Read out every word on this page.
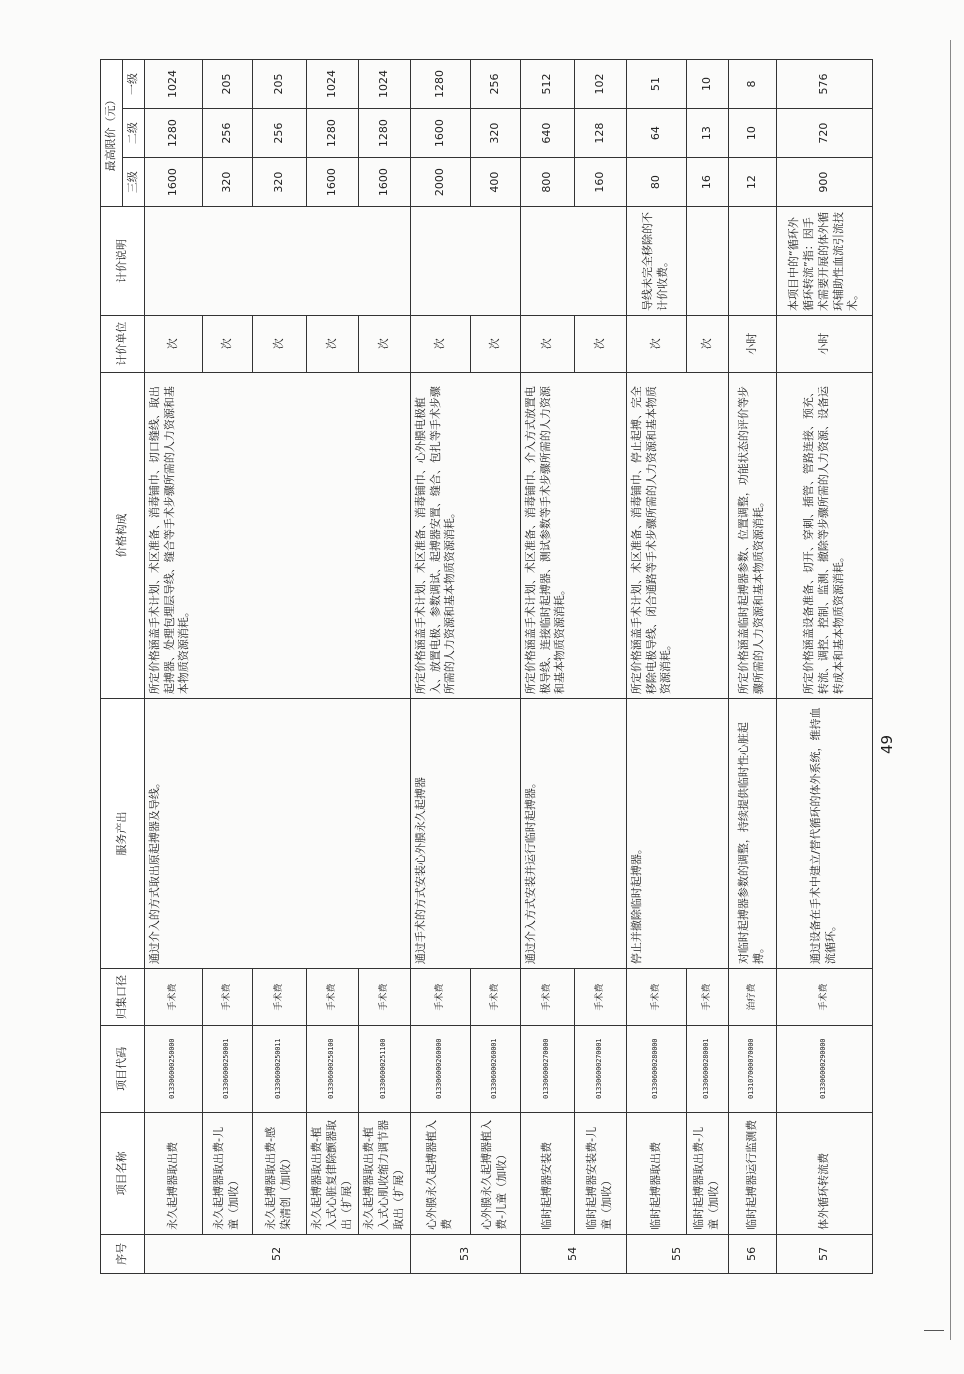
序号	项目名称	项目代码	归集口径	服务产出	价格构成	计价单位	计价说明	最高限价（元）		
								三级	二级	一级
52	永久起搏器取出费	013306000250000	手术费	通过介入的方式取出原起搏器及导线。	所定价格涵盖手术计划、术区准备、消毒铺巾、切口缝线、取出起搏器、处理包埋层导线、缝合等手术步骤所需的人力资源和基本物质资源消耗。	次		1600	1280	1024
	永久起搏器取出费-儿童（加收）	013306000250001	手术费			次		320	256	205
	永久起搏器取出费-感染清创（加收）	013306000250011	手术费			次		320	256	205
	永久起搏器取出费-植入式心脏复律除颤器取出（扩展）	013306000250100	手术费			次		1600	1280	1024
	永久起搏器取出费-植入式心肌收缩力调节器取出（扩展）	013306000251100	手术费			次		1600	1280	1024
53	心外膜永久起搏器植入费	013306000260000	手术费	通过手术的方式安装心外膜永久起搏器	所定价格涵盖手术计划、术区准备、消毒铺巾、心外膜电极植入、放置电极、参数调试、起搏器安置、缝合、包扎等手术步骤所需的人力资源和基本物质资源消耗。	次		2000	1600	1280
	心外膜永久起搏器植入费-儿童（加收）	013306000260001	手术费			次		400	320	256
54	临时起搏器安装费	013306000270000	手术费	通过介入方式安装并运行临时起搏器。	所定价格涵盖手术计划、术区准备、消毒铺巾、介入方式放置电极导线、连接临时起搏器、测试参数等手术步骤所需的人力资源和基本物质资源消耗。	次		800	640	512
	临时起搏器安装费-儿童（加收）	013306000270001	手术费			次		160	128	102
55	临时起搏器取出费	013306000280000	手术费	停止并撤除临时起搏器。	所定价格涵盖手术计划、术区准备、消毒铺巾、停止起搏、完全移除电极导线、闭合通路等手术步骤所需的人力资源和基本物质资源消耗。	次	导线未完全移除的不计价收费。	80	64	51
	临时起搏器取出费-儿童（加收）	013306000280001	手术费			次		16	13	10
56	临时起搏器运行监测费	013107000070000	治疗费	对临时起搏器参数的调整，持续提供临时性心脏起搏。	所定价格涵盖临时起搏器参数、位置调整，功能状态的评价等步骤所需的人力资源和基本物质资源消耗。	小时		12	10	8
57	体外循环转流费	013306000290000	手术费	通过设备在手术中建立/替代循环的体外系统，维持血流循环。	所定价格涵盖设备准备、切开、穿刺、插管、管路连接、预充、转流、调控、控制、监测、撤除等步骤所需的人力资源、设备运转成本和基本物质资源消耗。	小时	本项目中的“循环外循环转流”指：因手术需要开展的体外循环辅助性血流引流技术。	900	720	576
49
